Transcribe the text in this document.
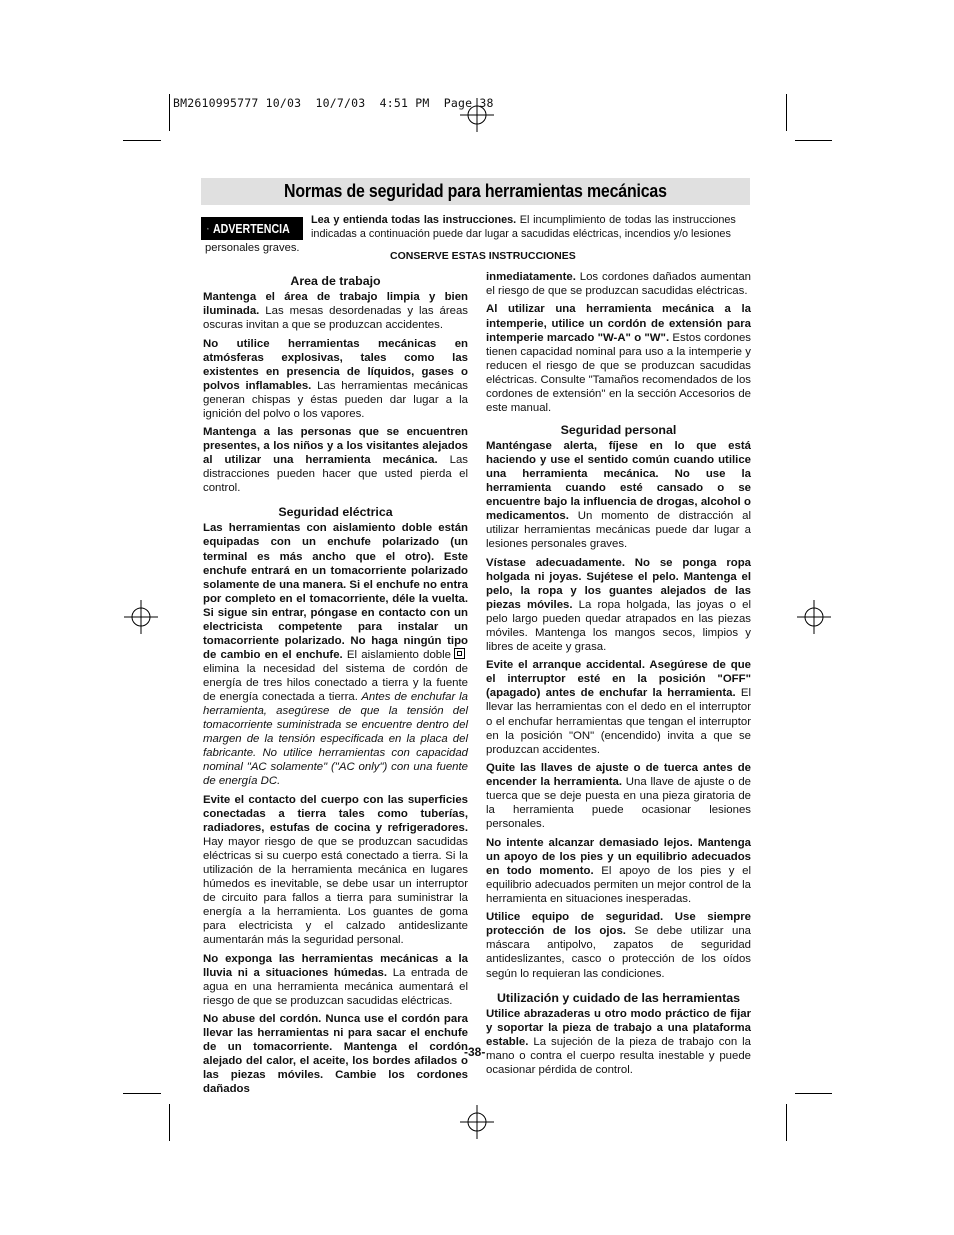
BM2610995777 10/03  10/7/03  4:51 PM  Page 38
Normas de seguridad para herramientas mecánicas
ADVERTENCIA
Lea y entienda todas las instrucciones. El incumplimiento de todas las instrucciones indicadas a continuación puede dar lugar a sacudidas eléctricas, incendios y/o lesiones
personales graves.
CONSERVE ESTAS INSTRUCCIONES
Area de trabajo

Mantenga el área de trabajo limpia y bien iluminada. Las mesas desordenadas y las áreas oscuras invitan a que se produzcan accidentes.

No utilice herramientas mecánicas en atmósferas explosivas, tales como las existentes en presencia de líquidos, gases o polvos inflamables. Las herramientas mecánicas generan chispas y éstas pueden dar lugar a la ignición del polvo o los vapores.

Mantenga a las personas que se encuentren presentes, a los niños y a los visitantes alejados al utilizar una herramienta mecánica. Las distracciones pueden hacer que usted pierda el control.

Seguridad eléctrica

Las herramientas con aislamiento doble están equipadas con un enchufe polarizado (un terminal es más ancho que el otro). Este enchufe entrará en un tomacorriente polarizado solamente de una manera. Si el enchufe no entra por completo en el tomacorriente, déle la vuelta. Si sigue sin entrar, póngase en contacto con un electricista competente para instalar un tomacorriente polarizado. No haga ningún tipo de cambio en el enchufe. El aislamiento dobleelimina la necesidad del sistema de cordón de energía de tres hilos conectado a tierra y la fuente de energía conectada a tierra. Antes de enchufar la herramienta, asegúrese de que la tensión del tomacorriente suministrada se encuentre dentro del margen de la tensión especificada en la placa del fabricante. No utilice herramientas con capacidad nominal "AC solamente" ("AC only") con una fuente de energía DC.

Evite el contacto del cuerpo con las superficies conectadas a tierra tales como tuberías, radiadores, estufas de cocina y refrigeradores. Hay mayor riesgo de que se produzcan sacudidas eléctricas si su cuerpo está conectado a tierra. Si la utilización de la herramienta mecánica en lugares húmedos es inevitable, se debe usar un interruptor de circuito para fallos a tierra para suministrar la energía a la herramienta. Los guantes de goma para electricista y el calzado antideslizante aumentarán más la seguridad personal.

No exponga las herramientas mecánicas a la lluvia ni a situaciones húmedas. La entrada de agua en una herramienta mecánica aumentará el riesgo de que se produzcan sacudidas eléctricas.

No abuse del cordón. Nunca use el cordón para llevar las herramientas ni para sacar el enchufe de un tomacorriente. Mantenga el cordón alejado del calor, el aceite, los bordes afilados o las piezas móviles. Cambie los cordones dañados

inmediatamente. Los cordones dañados aumentan el riesgo de que se produzcan sacudidas eléctricas.

Al utilizar una herramienta mecánica a la intemperie, utilice un cordón de extensión para intemperie marcado "W-A" o "W". Estos cordones tienen capacidad nominal para uso a la intemperie y reducen el riesgo de que se produzcan sacudidas eléctricas. Consulte "Tamaños recomendados de los cordones de extensión" en la sección Accesorios de este manual.

Seguridad personal

Manténgase alerta, fíjese en lo que está haciendo y use el sentido común cuando utilice una herramienta mecánica. No use la herramienta cuando esté cansado o se encuentre bajo la influencia de drogas, alcohol o medicamentos. Un momento de distracción al utilizar herramientas mecánicas puede dar lugar a lesiones personales graves.

Vístase adecuadamente. No se ponga ropa holgada ni joyas. Sujétese el pelo. Mantenga el pelo, la ropa y los guantes alejados de las piezas móviles. La ropa holgada, las joyas o el pelo largo pueden quedar atrapados en las piezas móviles. Mantenga los mangos secos, limpios y libres de aceite y grasa.

Evite el arranque accidental. Asegúrese de que el interruptor esté en la posición "OFF" (apagado) antes de enchufar la herramienta. El llevar las herramientas con el dedo en el interruptor o el enchufar herramientas que tengan el interruptor en la posición "ON" (encendido) invita a que se produzcan accidentes.

Quite las llaves de ajuste o de tuerca antes de encender la herramienta. Una llave de ajuste o de tuerca que se deje puesta en una pieza giratoria de la herramienta puede ocasionar lesiones personales.

No intente alcanzar demasiado lejos. Mantenga un apoyo de los pies y un equilibrio adecuados en todo momento. El apoyo de los pies y el equilibrio adecuados permiten un mejor control de la herramienta en situaciones inesperadas.

Utilice equipo de seguridad. Use siempre protección de los ojos. Se debe utilizar una máscara antipolvo, zapatos de seguridad antideslizantes, casco o protección de los oídos según lo requieran las condiciones.

Utilización y cuidado de las herramientas

Utilice abrazaderas u otro modo práctico de fijar y soportar la pieza de trabajo a una plataforma estable. La sujeción de la pieza de trabajo con la mano o contra el cuerpo resulta inestable y puede ocasionar pérdida de control.

-38-
